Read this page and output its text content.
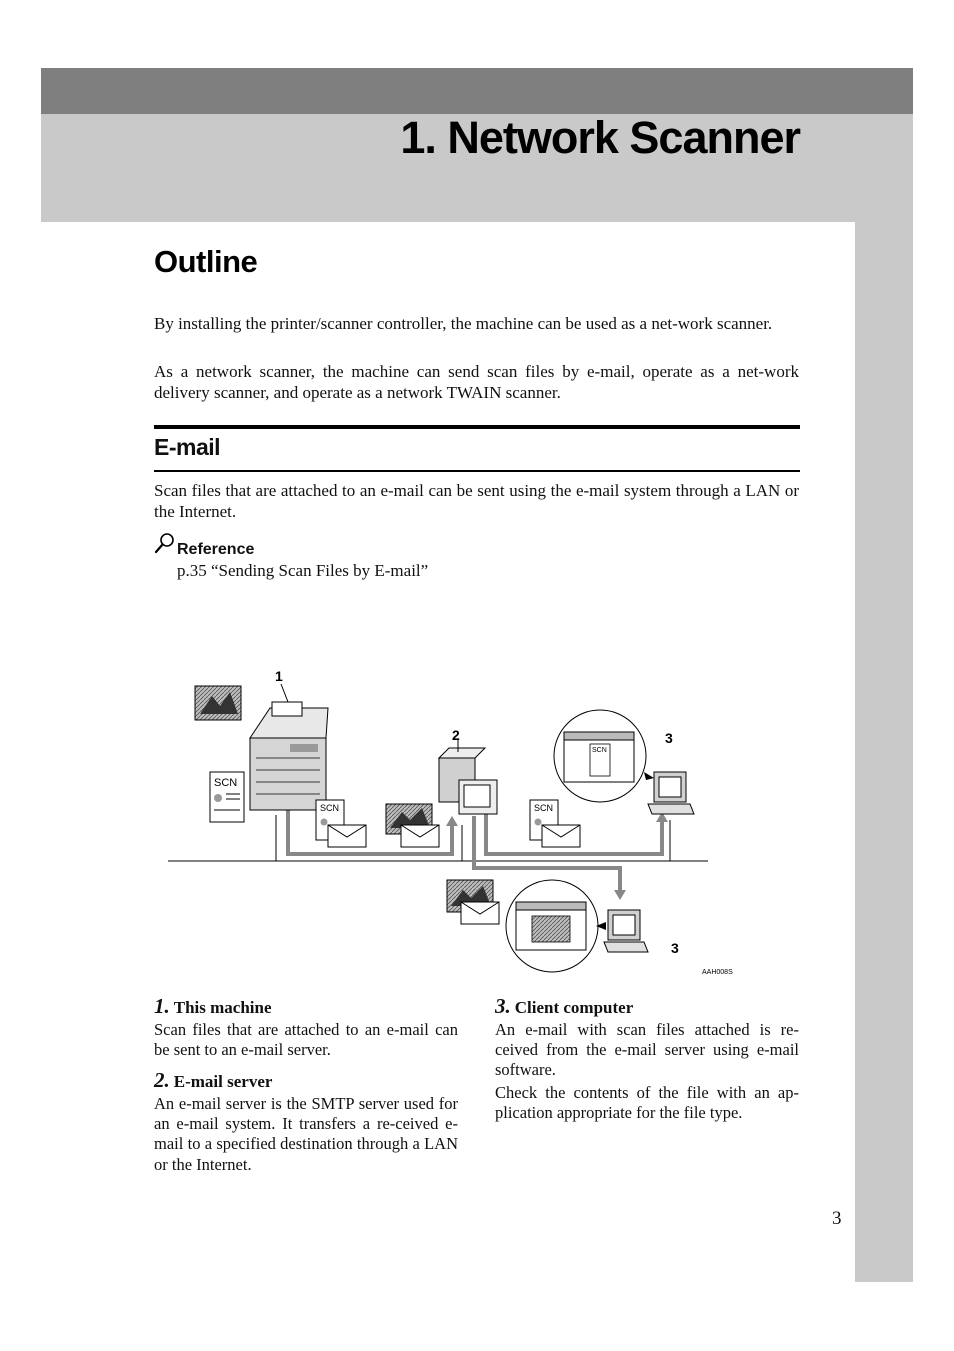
1. Network Scanner
Outline

By installing the printer/scanner controller, the machine can be used as a net-work scanner.

As a network scanner, the machine can send scan files by e-mail, operate as a net-work delivery scanner, and operate as a network TWAIN scanner.

E-mail

Scan files that are attached to an e-mail can be sent using the e-mail system through a LAN or the Internet.

Reference

p.35 “Sending Scan Files by E-mail”

1
SCN
SCN
2
SCN
SCN
3
3
AAH008S

1. This machine

Scan files that are attached to an e-mail can be sent to an e-mail server.

2. E-mail server

An e-mail server is the SMTP server used for an e-mail system. It transfers a re-ceived e-mail to a specified destination through a LAN or the Internet.

3. Client computer

An e-mail with scan files attached is re-ceived from the e-mail server using e-mail software.

Check the contents of the file with an ap-plication appropriate for the file type.

3
